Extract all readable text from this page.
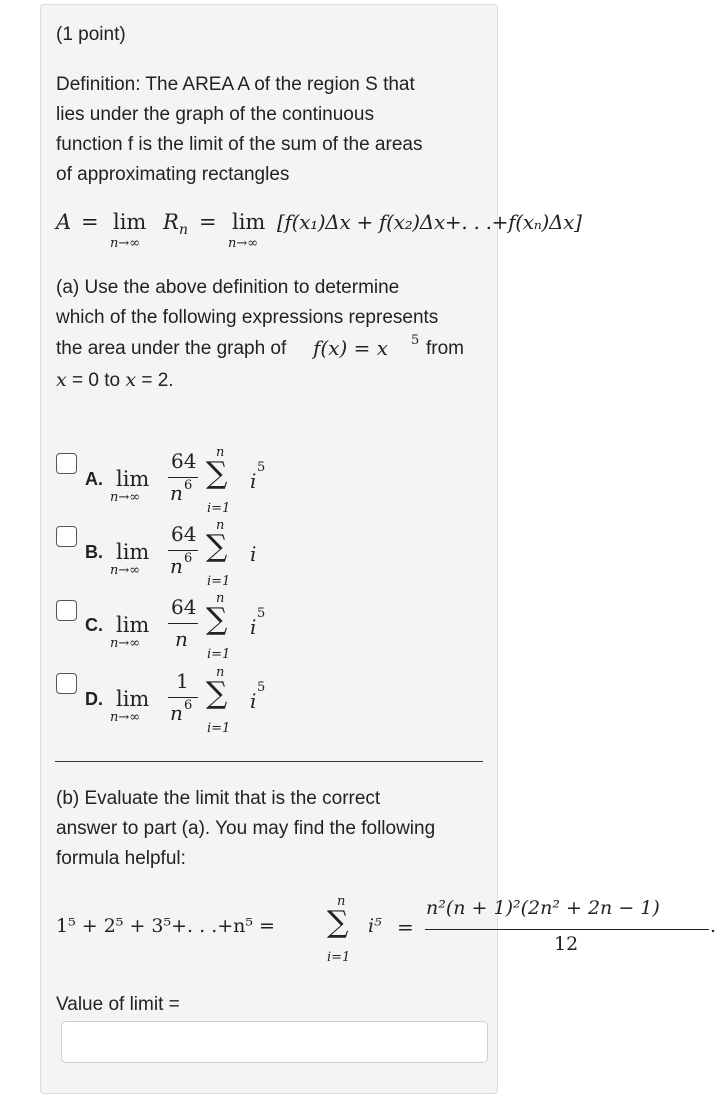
(1 point)
Definition: The AREA A of the region S that
lies under the graph of the continuous
function f is the limit of the sum of the areas
of approximating rectangles
A = lim
n→∞
R n = lim
n→∞
[f(x₁)Δx + f(x₂)Δx+. . .+f(xₙ)Δx]
(a) Use the above definition to determine
which of the following expressions represents
the area under the graph of f(x) = x 5 from
x = 0 to x = 2.
A. lim
n→∞
64
n 6
n
∑
i=1
i
5
B. lim
n→∞
64
n 6
n
∑
i=1
i
C. lim
n→∞
64
n
n
∑
i=1
i
5
D. lim
n→∞
1
n 6
n
∑
i=1
i
5
(b) Evaluate the limit that is the correct
answer to part (a). You may find the following
formula helpful:
1⁵ + 2⁵ + 3⁵+. . .+n⁵ =
n
∑
i=1
i⁵ =
n²(n + 1)²(2n² + 2n − 1)
12
.
Value of limit =
